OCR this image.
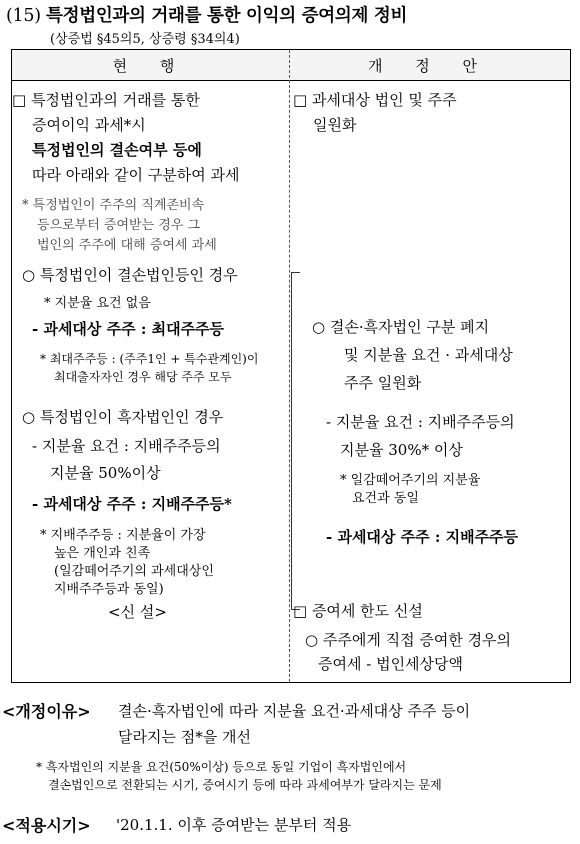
(15) 특정법인과의 거래를 통한 이익의 증여의제 정비
(상증법 §45의5, 상증령 §34의4)
현 행	개 정 안
□ 특정법인과의 거래를 통한
증여이익 과세*시
특정법인의 결손여부 등에
따라 아래와 같이 구분하여 과세
* 특정법인이 주주의 직계존비속
등으로부터 증여받는 경우 그
법인의 주주에 대해 증여세 과세
○ 특정법인이 결손법인등인 경우
* 지분율 요건 없음
- 과세대상 주주 : 최대주주등
* 최대주주등 : (주주1인 + 특수관계인)이
최대출자자인 경우 해당 주주 모두
○ 특정법인이 흑자법인인 경우
- 지분율 요건 : 지배주주등의
지분율 50%이상
- 과세대상 주주 : 지배주주등*
* 지배주주등 : 지분율이 가장
높은 개인과 친족
(일감떼어주기의 과세대상인
지배주주등과 동일)
<신 설>
□ 과세대상 법인 및 주주
일원화
○ 결손·흑자법인 구분 폐지
및 지분율 요건 · 과세대상
주주 일원화
- 지분율 요건 : 지배주주등의
지분율 30%* 이상
* 일감떼어주기의 지분율
요건과 동일
- 과세대상 주주 : 지배주주등
□ 증여세 한도 신설
○ 주주에게 직접 증여한 경우의
증여세 - 법인세상당액
<개정이유> 결손·흑자법인에 따라 지분율 요건·과세대상 주주 등이
달라지는 점*을 개선
* 흑자법인의 지분율 요건(50%이상) 등으로 동일 기업이 흑자법인에서
결손법인으로 전환되는 시기, 증여시기 등에 따라 과세여부가 달라지는 문제
<적용시기> '20.1.1. 이후 증여받는 분부터 적용
